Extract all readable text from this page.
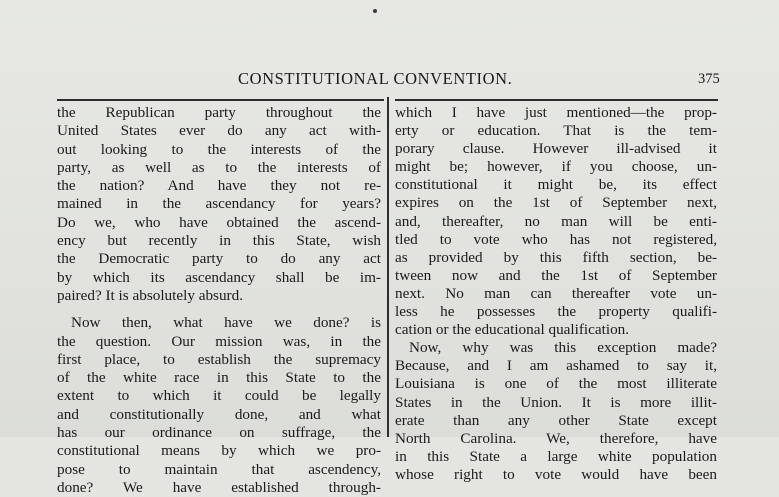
CONSTITUTIONAL CONVENTION.	375
the Republican party throughout the
United States ever do any act with-
out looking to the interests of the
party, as well as to the interests of
the nation? And have they not re-
mained in the ascendancy for years?
Do we, who have obtained the ascend-
ency but recently in this State, wish
the Democratic party to do any act
by which its ascendancy shall be im-
paired? It is absolutely absurd.
Now then, what have we done? is
the question. Our mission was, in the
first place, to establish the supremacy
of the white race in this State to the
extent to which it could be legally
and constitutionally done, and what
has our ordinance on suffrage, the
constitutional means by which we pro-
pose to maintain that ascendency,
done? We have established through-
which I have just mentioned—the prop-
erty or education. That is the tem-
porary clause. However ill-advised it
might be; however, if you choose, un-
constitutional it might be, its effect
expires on the 1st of September next,
and, thereafter, no man will be enti-
tled to vote who has not registered,
as provided by this fifth section, be-
tween now and the 1st of September
next. No man can thereafter vote un-
less he possesses the property qualifi-
cation or the educational qualification.
Now, why was this exception made?
Because, and I am ashamed to say it,
Louisiana is one of the most illiterate
States in the Union. It is more illit-
erate than any other State except
North Carolina. We, therefore, have
in this State a large white population
whose right to vote would have been
